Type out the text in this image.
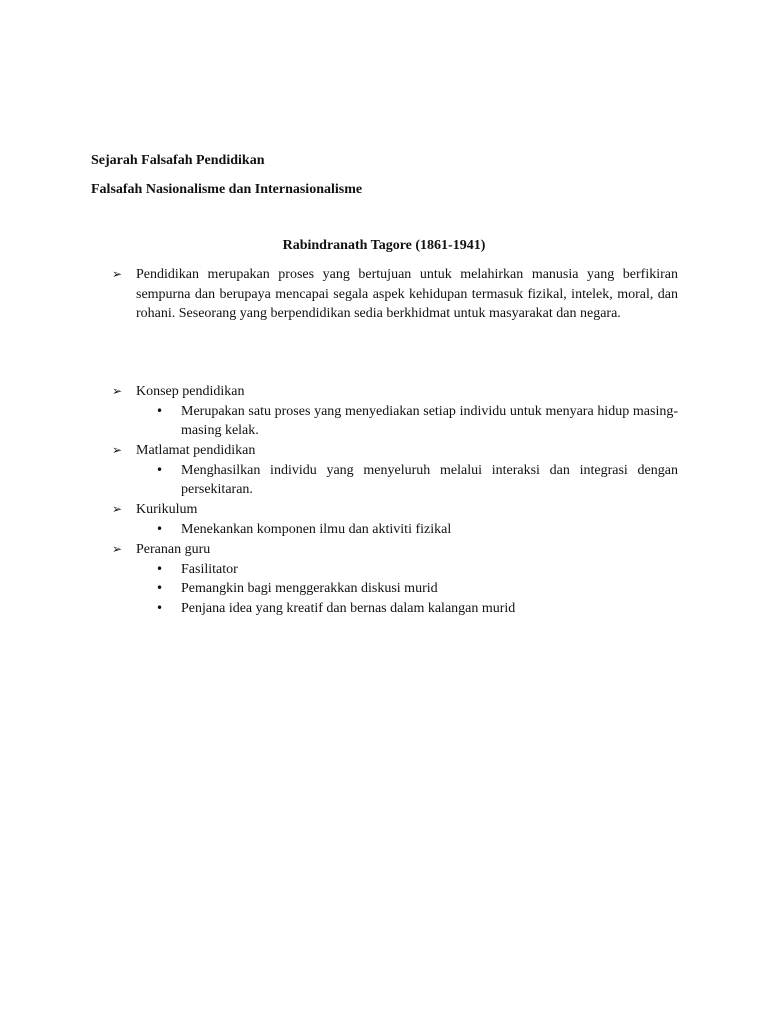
Sejarah Falsafah Pendidikan
Falsafah Nasionalisme dan Internasionalisme
Rabindranath Tagore (1861-1941)
➢ Pendidikan merupakan proses yang bertujuan untuk melahirkan manusia yang berfikiran sempurna dan berupaya mencapai segala aspek kehidupan termasuk fizikal, intelek, moral, dan rohani. Seseorang yang berpendidikan sedia berkhidmat untuk masyarakat dan negara.
➢ Konsep pendidikan
• Merupakan satu proses yang menyediakan setiap individu untuk menyara hidup masing-masing kelak.
➢ Matlamat pendidikan
• Menghasilkan individu yang menyeluruh melalui interaksi dan integrasi dengan persekitaran.
➢ Kurikulum
• Menekankan komponen ilmu dan aktiviti fizikal
➢ Peranan guru
• Fasilitator
• Pemangkin bagi menggerakkan diskusi murid
• Penjana idea yang kreatif dan bernas dalam kalangan murid
